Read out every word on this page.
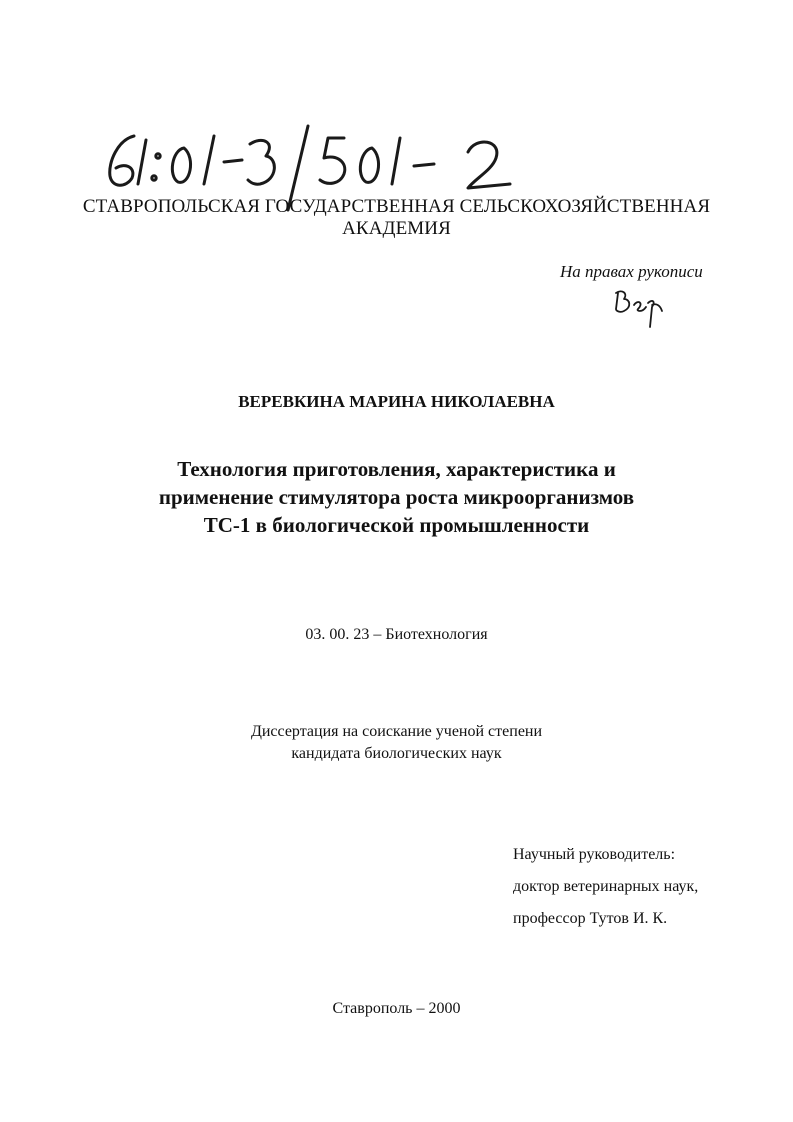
СТАВРОПОЛЬСКАЯ ГОСУДАРСТВЕННАЯ СЕЛЬСКОХОЗЯЙСТВЕННАЯ
АКАДЕМИЯ
На правах рукописи
ВЕРЕВКИНА МАРИНА НИКОЛАЕВНА
Технология приготовления, характеристика и
применение стимулятора роста микроорганизмов
ТС-1 в биологической промышленности
03. 00. 23 – Биотехнология
Диссертация на соискание ученой степени
кандидата биологических наук
Научный руководитель:
доктор ветеринарных наук,
профессор Тутов И. К.
Ставрополь – 2000
